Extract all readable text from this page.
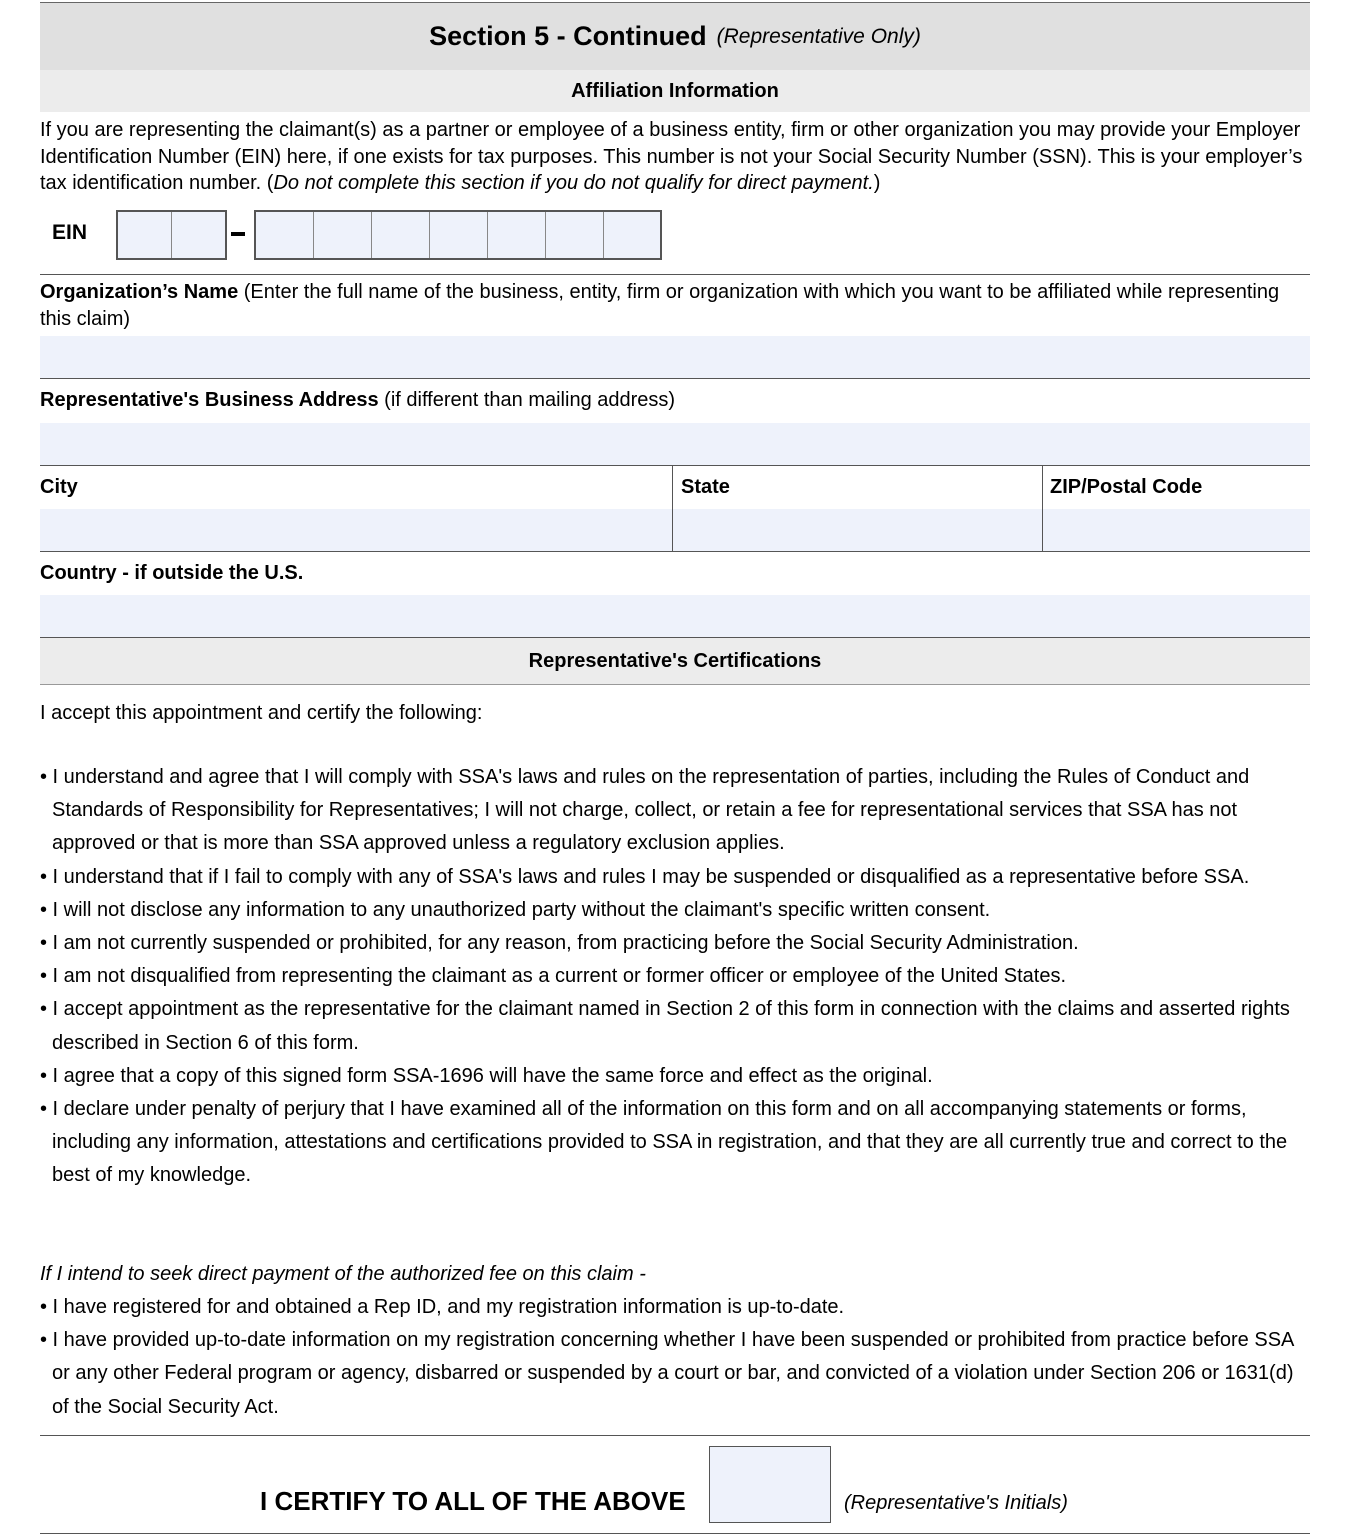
Section 5 - Continued (Representative Only)
Affiliation Information
If you are representing the claimant(s) as a partner or employee of a business entity, firm or other organization you may provide your Employer Identification Number (EIN) here, if one exists for tax purposes. This number is not your Social Security Number (SSN). This is your employer’s tax identification number. (Do not complete this section if you do not qualify for direct payment.)
EIN
Organization’s Name (Enter the full name of the business, entity, firm or organization with which you want to be affiliated while representing this claim)
Representative's Business Address (if different than mailing address)
City	State	ZIP/Postal Code
Country - if outside the U.S.
Representative's Certifications
I accept this appointment and certify the following:
• I understand and agree that I will comply with SSA's laws and rules on the representation of parties, including the Rules of Conduct and Standards of Responsibility for Representatives; I will not charge, collect, or retain a fee for representational services that SSA has not approved or that is more than SSA approved unless a regulatory exclusion applies.
• I understand that if I fail to comply with any of SSA's laws and rules I may be suspended or disqualified as a representative before SSA.
• I will not disclose any information to any unauthorized party without the claimant's specific written consent.
• I am not currently suspended or prohibited, for any reason, from practicing before the Social Security Administration.
• I am not disqualified from representing the claimant as a current or former officer or employee of the United States.
• I accept appointment as the representative for the claimant named in Section 2 of this form in connection with the claims and asserted rights described in Section 6 of this form.
• I agree that a copy of this signed form SSA-1696 will have the same force and effect as the original.
• I declare under penalty of perjury that I have examined all of the information on this form and on all accompanying statements or forms, including any information, attestations and certifications provided to SSA in registration, and that they are all currently true and correct to the best of my knowledge.
If I intend to seek direct payment of the authorized fee on this claim -
• I have registered for and obtained a Rep ID, and my registration information is up-to-date.
• I have provided up-to-date information on my registration concerning whether I have been suspended or prohibited from practice before SSA or any other Federal program or agency, disbarred or suspended by a court or bar, and convicted of a violation under Section 206 or 1631(d) of the Social Security Act.
I CERTIFY TO ALL OF THE ABOVE	(Representative's Initials)
